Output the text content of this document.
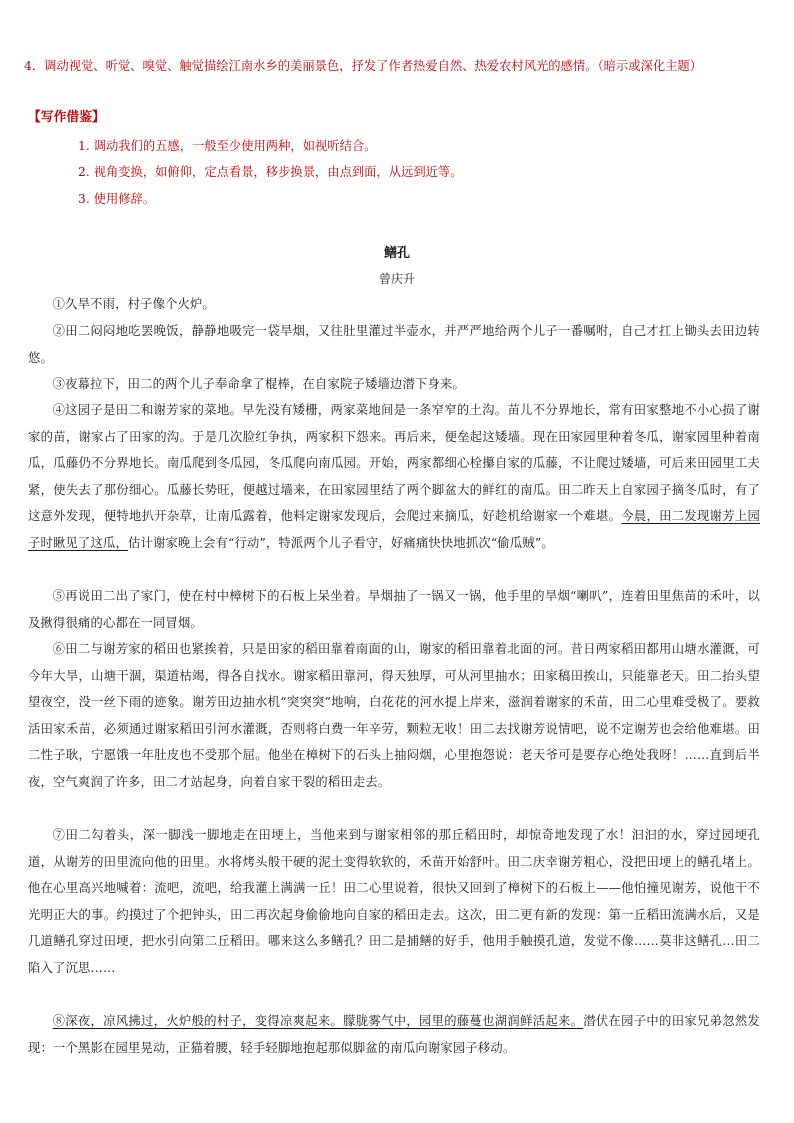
4．调动视觉、听觉、嗅觉、触觉描绘江南水乡的美丽景色，抒发了作者热爱自然、热爱农村风光的感情。（暗示或深化主题）

【写作借鉴】
1. 调动我们的五感，一般至少使用两种，如视听结合。
2. 视角变换，如俯仰，定点看景，移步换景，由点到面，从远到近等。
3. 使用修辞。
鳝孔
曾庆升

①久旱不雨，村子像个火炉。

②田二闷闷地吃罢晚饭，静静地吸完一袋旱烟，又往肚里灌过半壶水，并严严地给两个儿子一番嘱咐，自己才扛上锄头去田边转悠。

③夜幕拉下，田二的两个儿子奉命拿了棍棒，在自家院子矮墙边潜下身来。

④这园子是田二和谢芳家的菜地。早先没有矮栅，两家菜地间是一条窄窄的土沟。苗儿不分界地长，常有田家整地不小心损了谢家的苗，谢家占了田家的沟。于是几次脸红争执，两家积下怨来。再后来，便垒起这矮墙。现在田家园里种着冬瓜，谢家园里种着南瓜，瓜藤仍不分界地长。南瓜爬到冬瓜园，冬瓜爬向南瓜园。开始，两家都细心栓攥自家的瓜藤，不让爬过矮墙，可后来田园里工夫紧，使失去了那份细心。瓜藤长势旺，便越过墙来，在田家园里结了两个脚盆大的鲜红的南瓜。田二昨天上自家园子摘冬瓜时，有了这意外发现，便特地扒开杂草，让南瓜露着，他料定谢家发现后，会爬过来摘瓜，好趁机给谢家一个难堪。今晨，田二发现谢芳上园子时瞅见了这瓜，估计谢家晚上会有“行动”，特派两个儿子看守，好痛痛快快地抓次“偷瓜贼”。

⑤再说田二出了家门，使在村中樟树下的石板上呆坐着。旱烟抽了一锅又一锅，他手里的旱烟“喇叭”，连着田里焦苗的禾叶，以及揪得很痛的心都在一同冒烟。

⑥田二与谢芳家的稻田也紧挨着，只是田家的稻田靠着南面的山，谢家的稻田靠着北面的河。昔日两家稻田都用山塘水灌溉，可今年大旱，山塘干涸，渠道枯竭，得各自找水。谢家稻田靠河，得天独厚，可从河里抽水；田家稿田挨山，只能靠老天。田二抬头望望夜空，没一丝下雨的迹象。谢芳田边抽水机“突突突”地响，白花花的河水提上岸来，滋润着谢家的禾苗，田二心里难受极了。要救活田家禾苗，必须通过谢家稻田引河水灌溉，否则将白费一年辛劳，颗粒无收！田二去找谢芳说情吧，说不定谢芳也会给他难堪。田二性子耿，宁愿饿一年肚皮也不受那个屈。他坐在樟树下的石头上抽闷烟，心里抱怨说：老天爷可是要存心绝处我呀！……直到后半夜，空气爽润了许多，田二才站起身，向着自家干裂的稻田走去。

⑦田二勾着头，深一脚浅一脚地走在田埂上，当他来到与谢家相邻的那丘稻田时，却惊奇地发现了水！汩汩的水，穿过园埂孔道，从谢芳的田里流向他的田里。水将烤头般干硬的泥土变得软软的，禾苗开始舒叶。田二庆幸谢芳粗心，没把田埂上的鳝孔堵上。他在心里高兴地喊着：流吧，流吧，给我灌上满满一丘！田二心里说着，很快又回到了樟树下的石板上——他怕撞见谢芳，说他干不光明正大的事。约摸过了个把钟头，田二再次起身偷偷地向自家的稻田走去。这次，田二更有新的发现：第一丘稻田流满水后，又是几道鳝孔穿过田埂，把水引向第二丘稻田。哪来这么多鳝孔？田二是捕鳝的好手，他用手触摸孔道，发觉不像……莫非这鳝孔…田二陷入了沉思……

⑧深夜，凉风拂过，火炉般的村子，变得凉爽起来。朦胧雾气中，园里的藤蔓也湖润鲜活起来。潜伏在园子中的田家兄弟忽然发现：一个黑影在园里晃动，正猫着腰，轻手轻脚地抱起那似脚盆的南瓜向谢家园子移动。
